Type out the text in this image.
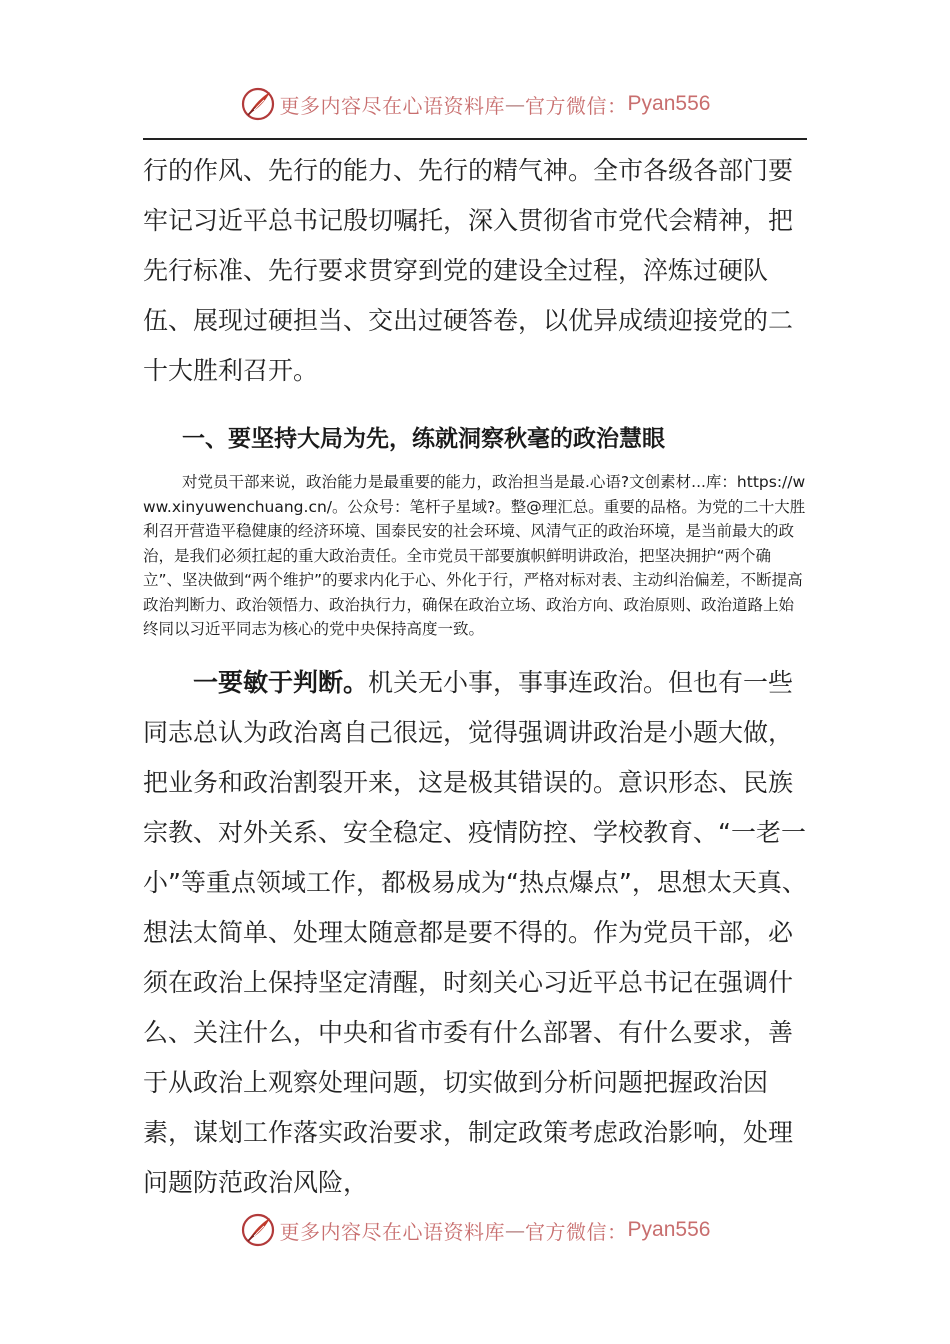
更多内容尽在心语资料库 — 官方微信： Pyan556

行的作风、先行的能力、先行的精气神。全市各级各部门要牢记习近平总书记殷切嘱托，深入贯彻省市党代会精神，把先行标准、先行要求贯穿到党的建设全过程，淬炼过硬队伍、展现过硬担当、交出过硬答卷，以优异成绩迎接党的二十大胜利召开。

一、要坚持大局为先，练就洞察秋毫的政治慧眼

对党员干部来说，政治能力是最重要的能力，政治担当是最.心语?文创素材...库：https://www.xinyuwenchuang.cn/。公众号：笔杆子星域?。整@理汇总。重要的品格。为党的二十大胜利召开营造平稳健康的经济环境、国泰民安的社会环境、风清气正的政治环境，是当前最大的政治，是我们必须扛起的重大政治责任。全市党员干部要旗帜鲜明讲政治，把坚决拥护“两个确立”、坚决做到“两个维护”的要求内化于心、外化于行，严格对标对表、主动纠治偏差，不断提高政治判断力、政治领悟力、政治执行力，确保在政治立场、政治方向、政治原则、政治道路上始终同以习近平同志为核心的党中央保持高度一致。

一要敏于判断。机关无小事，事事连政治。但也有一些同志总认为政治离自己很远，觉得强调讲政治是小题大做，把业务和政治割裂开来，这是极其错误的。意识形态、民族宗教、对外关系、安全稳定、疫情防控、学校教育、“一老一小”等重点领域工作，都极易成为“热点爆点”，思想太天真、想法太简单、处理太随意都是要不得的。作为党员干部，必须在政治上保持坚定清醒，时刻关心习近平总书记在强调什么、关注什么，中央和省市委有什么部署、有什么要求，善于从政治上观察处理问题，切实做到分析问题把握政治因素，谋划工作落实政治要求，制定政策考虑政治影响，处理问题防范政治风险，

更多内容尽在心语资料库 — 官方微信： Pyan556
